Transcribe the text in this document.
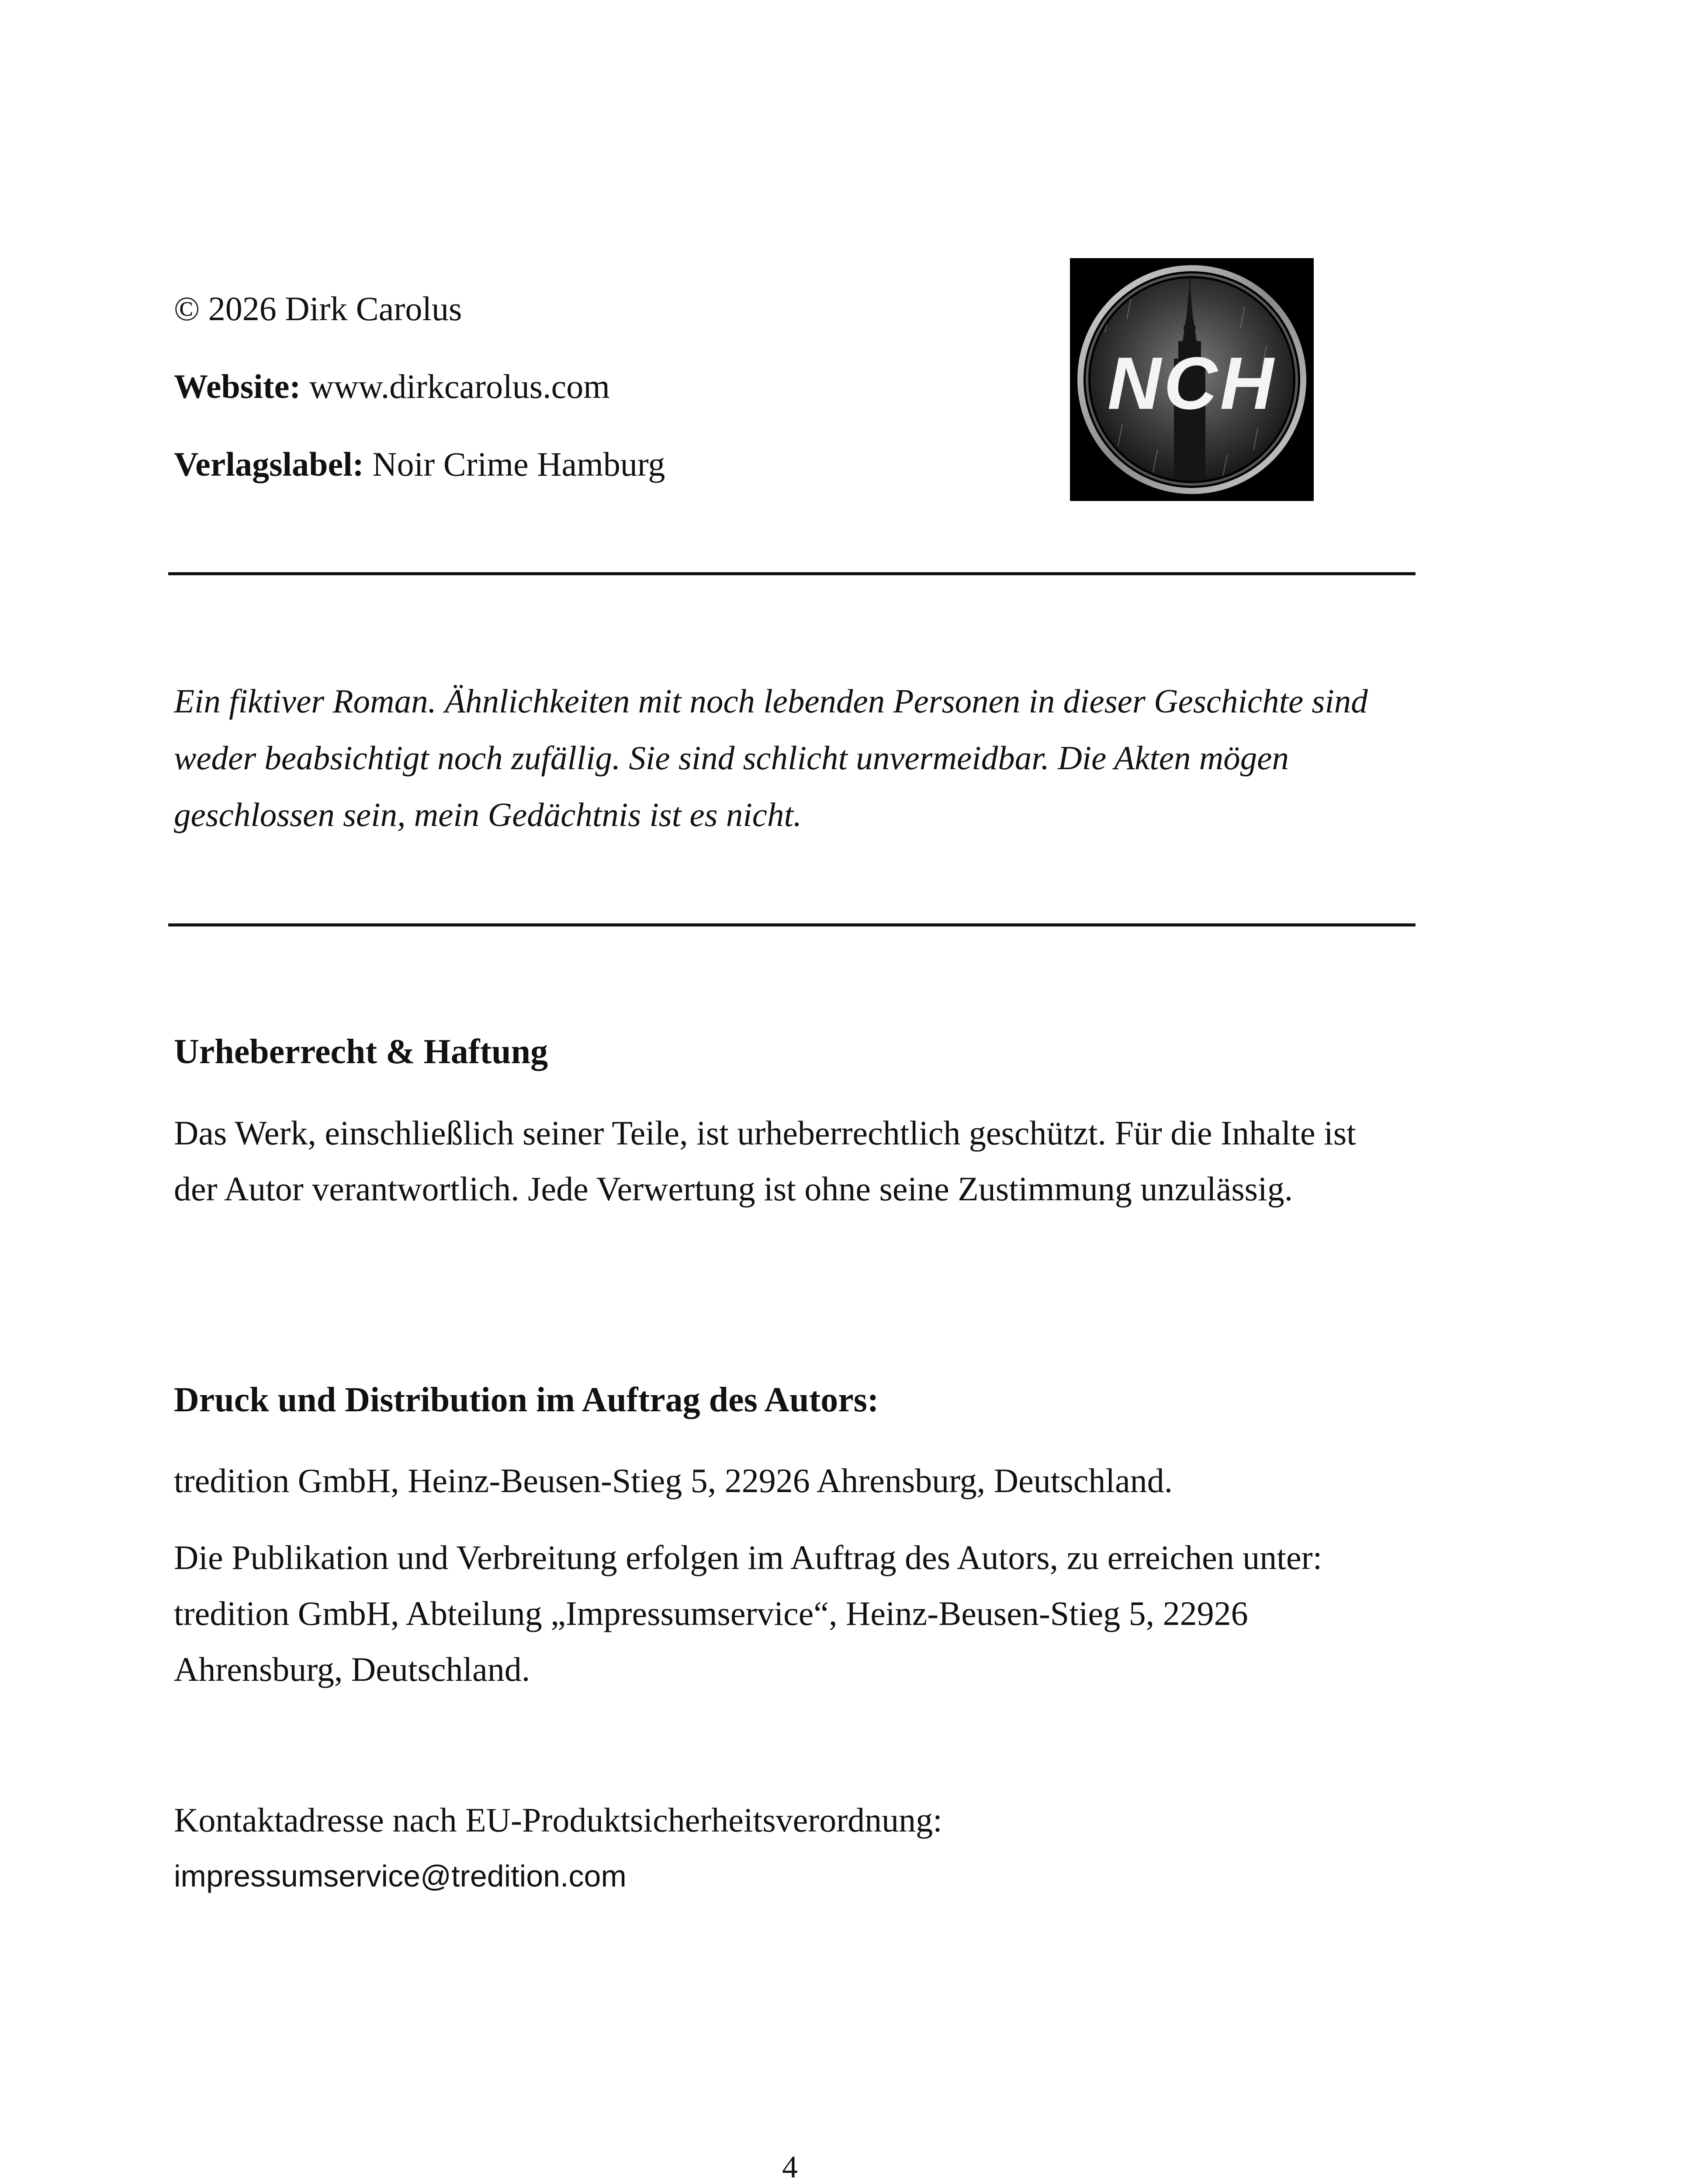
© 2026 Dirk Carolus
Website: www.dirkcarolus.com
Verlagslabel: Noir Crime Hamburg
NCH
Ein fiktiver Roman. Ähnlichkeiten mit noch lebenden Personen in dieser Geschichte sind weder beabsichtigt noch zufällig. Sie sind schlicht unvermeidbar. Die Akten mögen geschlossen sein, mein Gedächtnis ist es nicht.
Urheberrecht & Haftung
Das Werk, einschließlich seiner Teile, ist urheberrechtlich geschützt. Für die Inhalte ist der Autor verantwortlich. Jede Verwertung ist ohne seine Zustimmung unzulässig.
Druck und Distribution im Auftrag des Autors:
tredition GmbH, Heinz-Beusen-Stieg 5, 22926 Ahrensburg, Deutschland.
Die Publikation und Verbreitung erfolgen im Auftrag des Autors, zu erreichen unter: tredition GmbH, Abteilung „Impressumservice“, Heinz-Beusen-Stieg 5, 22926 Ahrensburg, Deutschland.
Kontaktadresse nach EU-Produktsicherheitsverordnung:
impressumservice@tredition.com
4
